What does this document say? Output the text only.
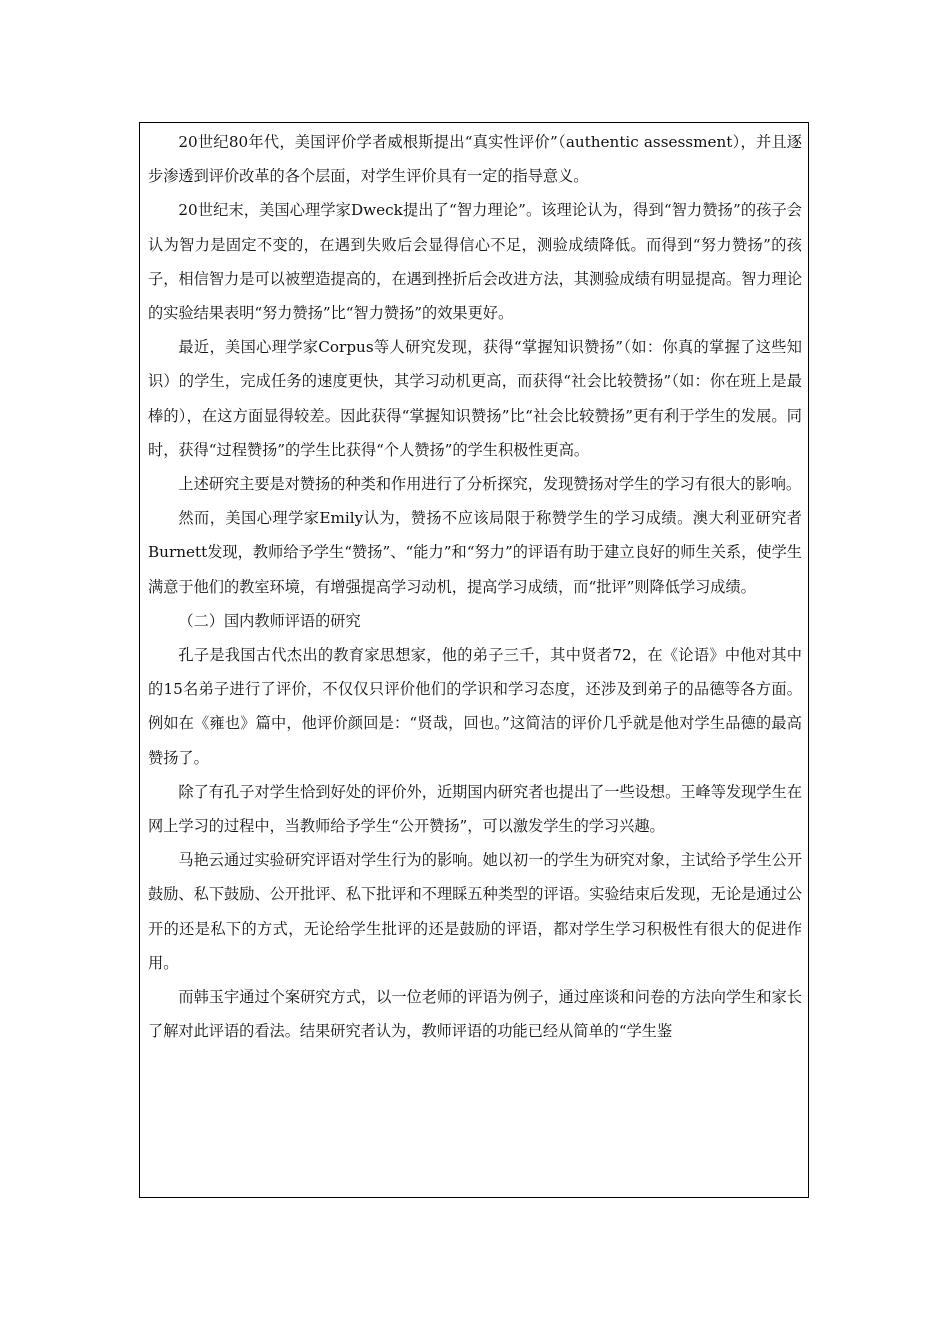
20世纪80年代，美国评价学者威根斯提出“真实性评价”（authentic assessment），并且逐步渗透到评价改革的各个层面，对学生评价具有一定的指导意义。

20世纪末，美国心理学家Dweck提出了“智力理论”。该理论认为，得到“智力赞扬”的孩子会认为智力是固定不变的，在遇到失败后会显得信心不足，测验成绩降低。而得到“努力赞扬”的孩子，相信智力是可以被塑造提高的，在遇到挫折后会改进方法，其测验成绩有明显提高。智力理论的实验结果表明“努力赞扬”比“智力赞扬”的效果更好。

最近，美国心理学家Corpus等人研究发现，获得“掌握知识赞扬”（如：你真的掌握了这些知识）的学生，完成任务的速度更快，其学习动机更高，而获得“社会比较赞扬”（如：你在班上是最棒的），在这方面显得较差。因此获得“掌握知识赞扬”比“社会比较赞扬”更有利于学生的发展。同时，获得“过程赞扬”的学生比获得“个人赞扬”的学生积极性更高。

上述研究主要是对赞扬的种类和作用进行了分析探究，发现赞扬对学生的学习有很大的影响。

然而，美国心理学家Emily认为，赞扬不应该局限于称赞学生的学习成绩。澳大利亚研究者Burnett发现，教师给予学生“赞扬”、“能力”和“努力”的评语有助于建立良好的师生关系，使学生满意于他们的教室环境，有增强提高学习动机，提高学习成绩，而“批评”则降低学习成绩。

（二）国内教师评语的研究

孔子是我国古代杰出的教育家思想家，他的弟子三千，其中贤者72，在《论语》中他对其中的15名弟子进行了评价，不仅仅只评价他们的学识和学习态度，还涉及到弟子的品德等各方面。例如在《雍也》篇中，他评价颜回是：“贤哉，回也。”这简洁的评价几乎就是他对学生品德的最高赞扬了。

除了有孔子对学生恰到好处的评价外，近期国内研究者也提出了一些设想。王峰等发现学生在网上学习的过程中，当教师给予学生“公开赞扬”，可以激发学生的学习兴趣。

马艳云通过实验研究评语对学生行为的影响。她以初一的学生为研究对象，主试给予学生公开鼓励、私下鼓励、公开批评、私下批评和不理睬五种类型的评语。实验结束后发现，无论是通过公开的还是私下的方式，无论给学生批评的还是鼓励的评语，都对学生学习积极性有很大的促进作用。

而韩玉宇通过个案研究方式，以一位老师的评语为例子，通过座谈和问卷的方法向学生和家长了解对此评语的看法。结果研究者认为，教师评语的功能已经从简单的“学生鉴
